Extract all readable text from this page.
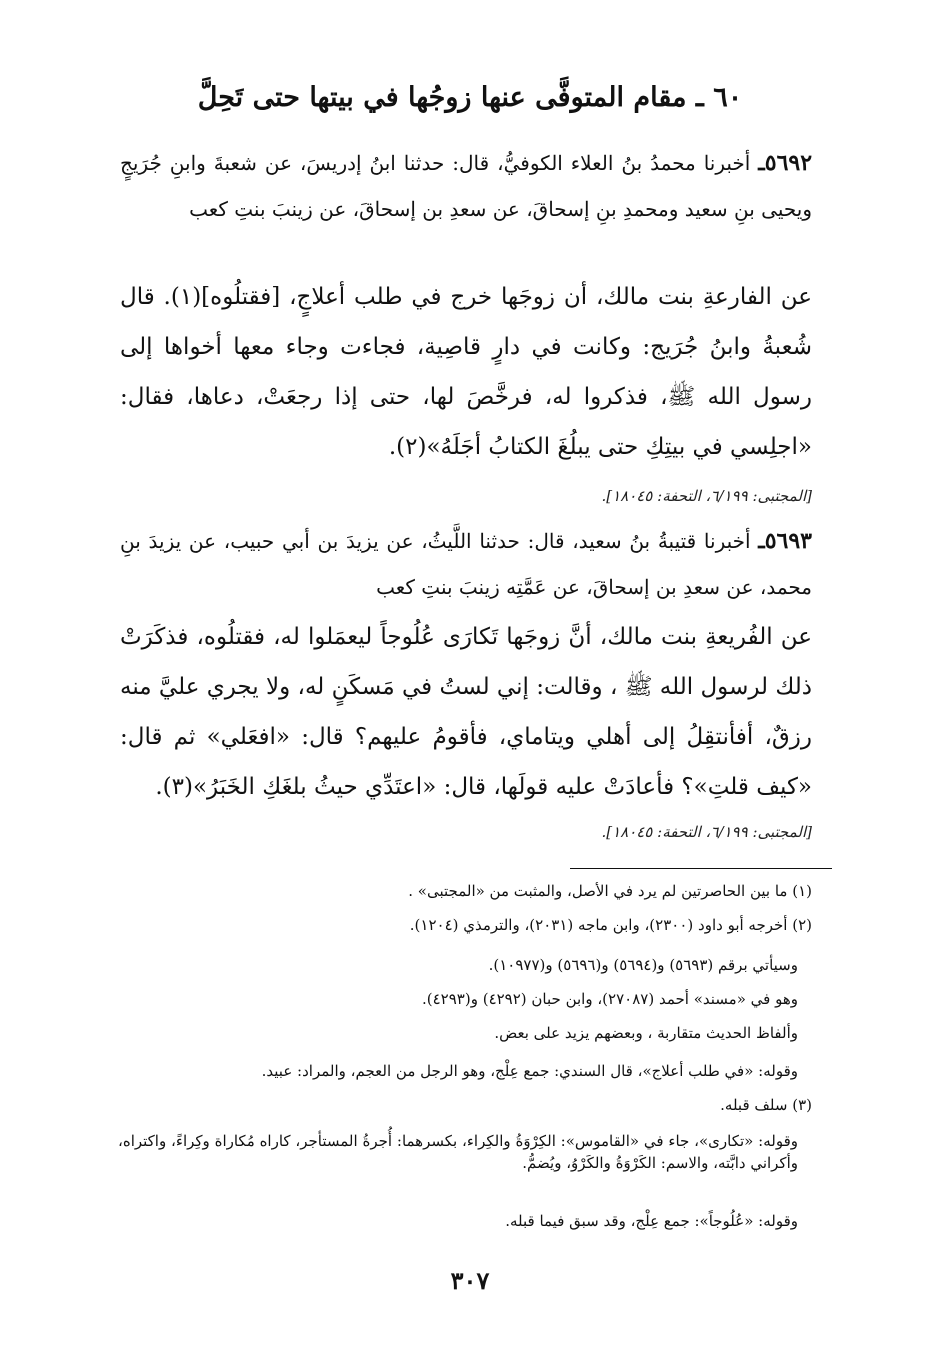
٦٠ ـ مقام المتوفَّى عنها زوجُها في بيتها حتى تَحِلَّ
٥٦٩٢ـ أخبرنا محمدُ بنُ العلاء الكوفيُّ، قال: حدثنا ابنُ إدريسَ، عن شعبةَ وابنِ جُرَيجٍ ويحيى بنِ سعيد ومحمدِ بنِ إسحاقَ، عن سعدِ بن إسحاقَ، عن زينبَ بنتِ كعب
عن الفارعةِ بنت مالك، أن زوجَها خرج في طلب أعلاجٍ، [فقتلُوه](١). قال شُعبةُ وابنُ جُرَيج: وكانت في دارٍ قاصِية، فجاءت وجاء معها أخواها إلى رسول الله ﷺ، فذكروا له، فرخَّصَ لها، حتى إذا رجعَتْ، دعاها، فقال: «اجلِسي في بيتِكِ حتى يبلُغَ الكتابُ أجَلَهُ»(٢).
[المجتبى: ٦/١٩٩، التحفة: ١٨٠٤٥].
٥٦٩٣ـ أخبرنا قتيبةُ بنُ سعيد، قال: حدثنا اللَّيثُ، عن يزيدَ بن أبي حبيب، عن يزيدَ بنِ محمد، عن سعدِ بن إسحاقَ، عن عَمَّتِه زينبَ بنتِ كعب
عن الفُريعةِ بنت مالك، أنَّ زوجَها تَكارَى عُلُوجاً ليعمَلوا له، فقتلُوه، فذكَرَتْ ذلك لرسول الله ﷺ ، وقالت: إني لستُ في مَسكَنٍ له، ولا يجري عليَّ منه رزقٌ، أفأنتقِلُ إلى أهلي ويتاماي، فأقومُ عليهم؟ قال: «افعَلي» ثم قال: «كيف قلتِ»؟ فأعادَتْ عليه قولَها، قال: «اعتَدِّي حيثُ بلغَكِ الخَبَرُ»(٣).
[المجتبى: ٦/١٩٩، التحفة: ١٨٠٤٥].
(١) ما بين الحاصرتين لم يرد في الأصل، والمثبت من «المجتبى» .
(٢) أخرجه أبو داود (٢٣٠٠)، وابن ماجه (٢٠٣١)، والترمذي (١٢٠٤).
وسيأتي برقم (٥٦٩٣) و(٥٦٩٤) و(٥٦٩٦) و(١٠٩٧٧).
وهو في «مسند» أحمد (٢٧٠٨٧)، وابن حبان (٤٢٩٢) و(٤٢٩٣).
وألفاظ الحديث متقاربة ، وبعضهم يزيد على بعض.
وقوله: «في طلب أعلاج»، قال السندي: جمع عِلْج، وهو الرجل من العجم، والمراد: عبيد.
(٣) سلف قبله.
وقوله: «تكارى»، جاء في «القاموس»: الكِرْوَةُ والكِراء، بكسرهما: أُجرةُ المستأجر، كاراه مُكاراة وكِراءً، واكتراه، وأكراني دابَّته، والاسم: الكَرْوَةُ والكَرْوُ، ويُضمُّ.
وقوله: «عُلُوجاً»: جمع عِلْج، وقد سبق فيما قبله.
٣٠٧
